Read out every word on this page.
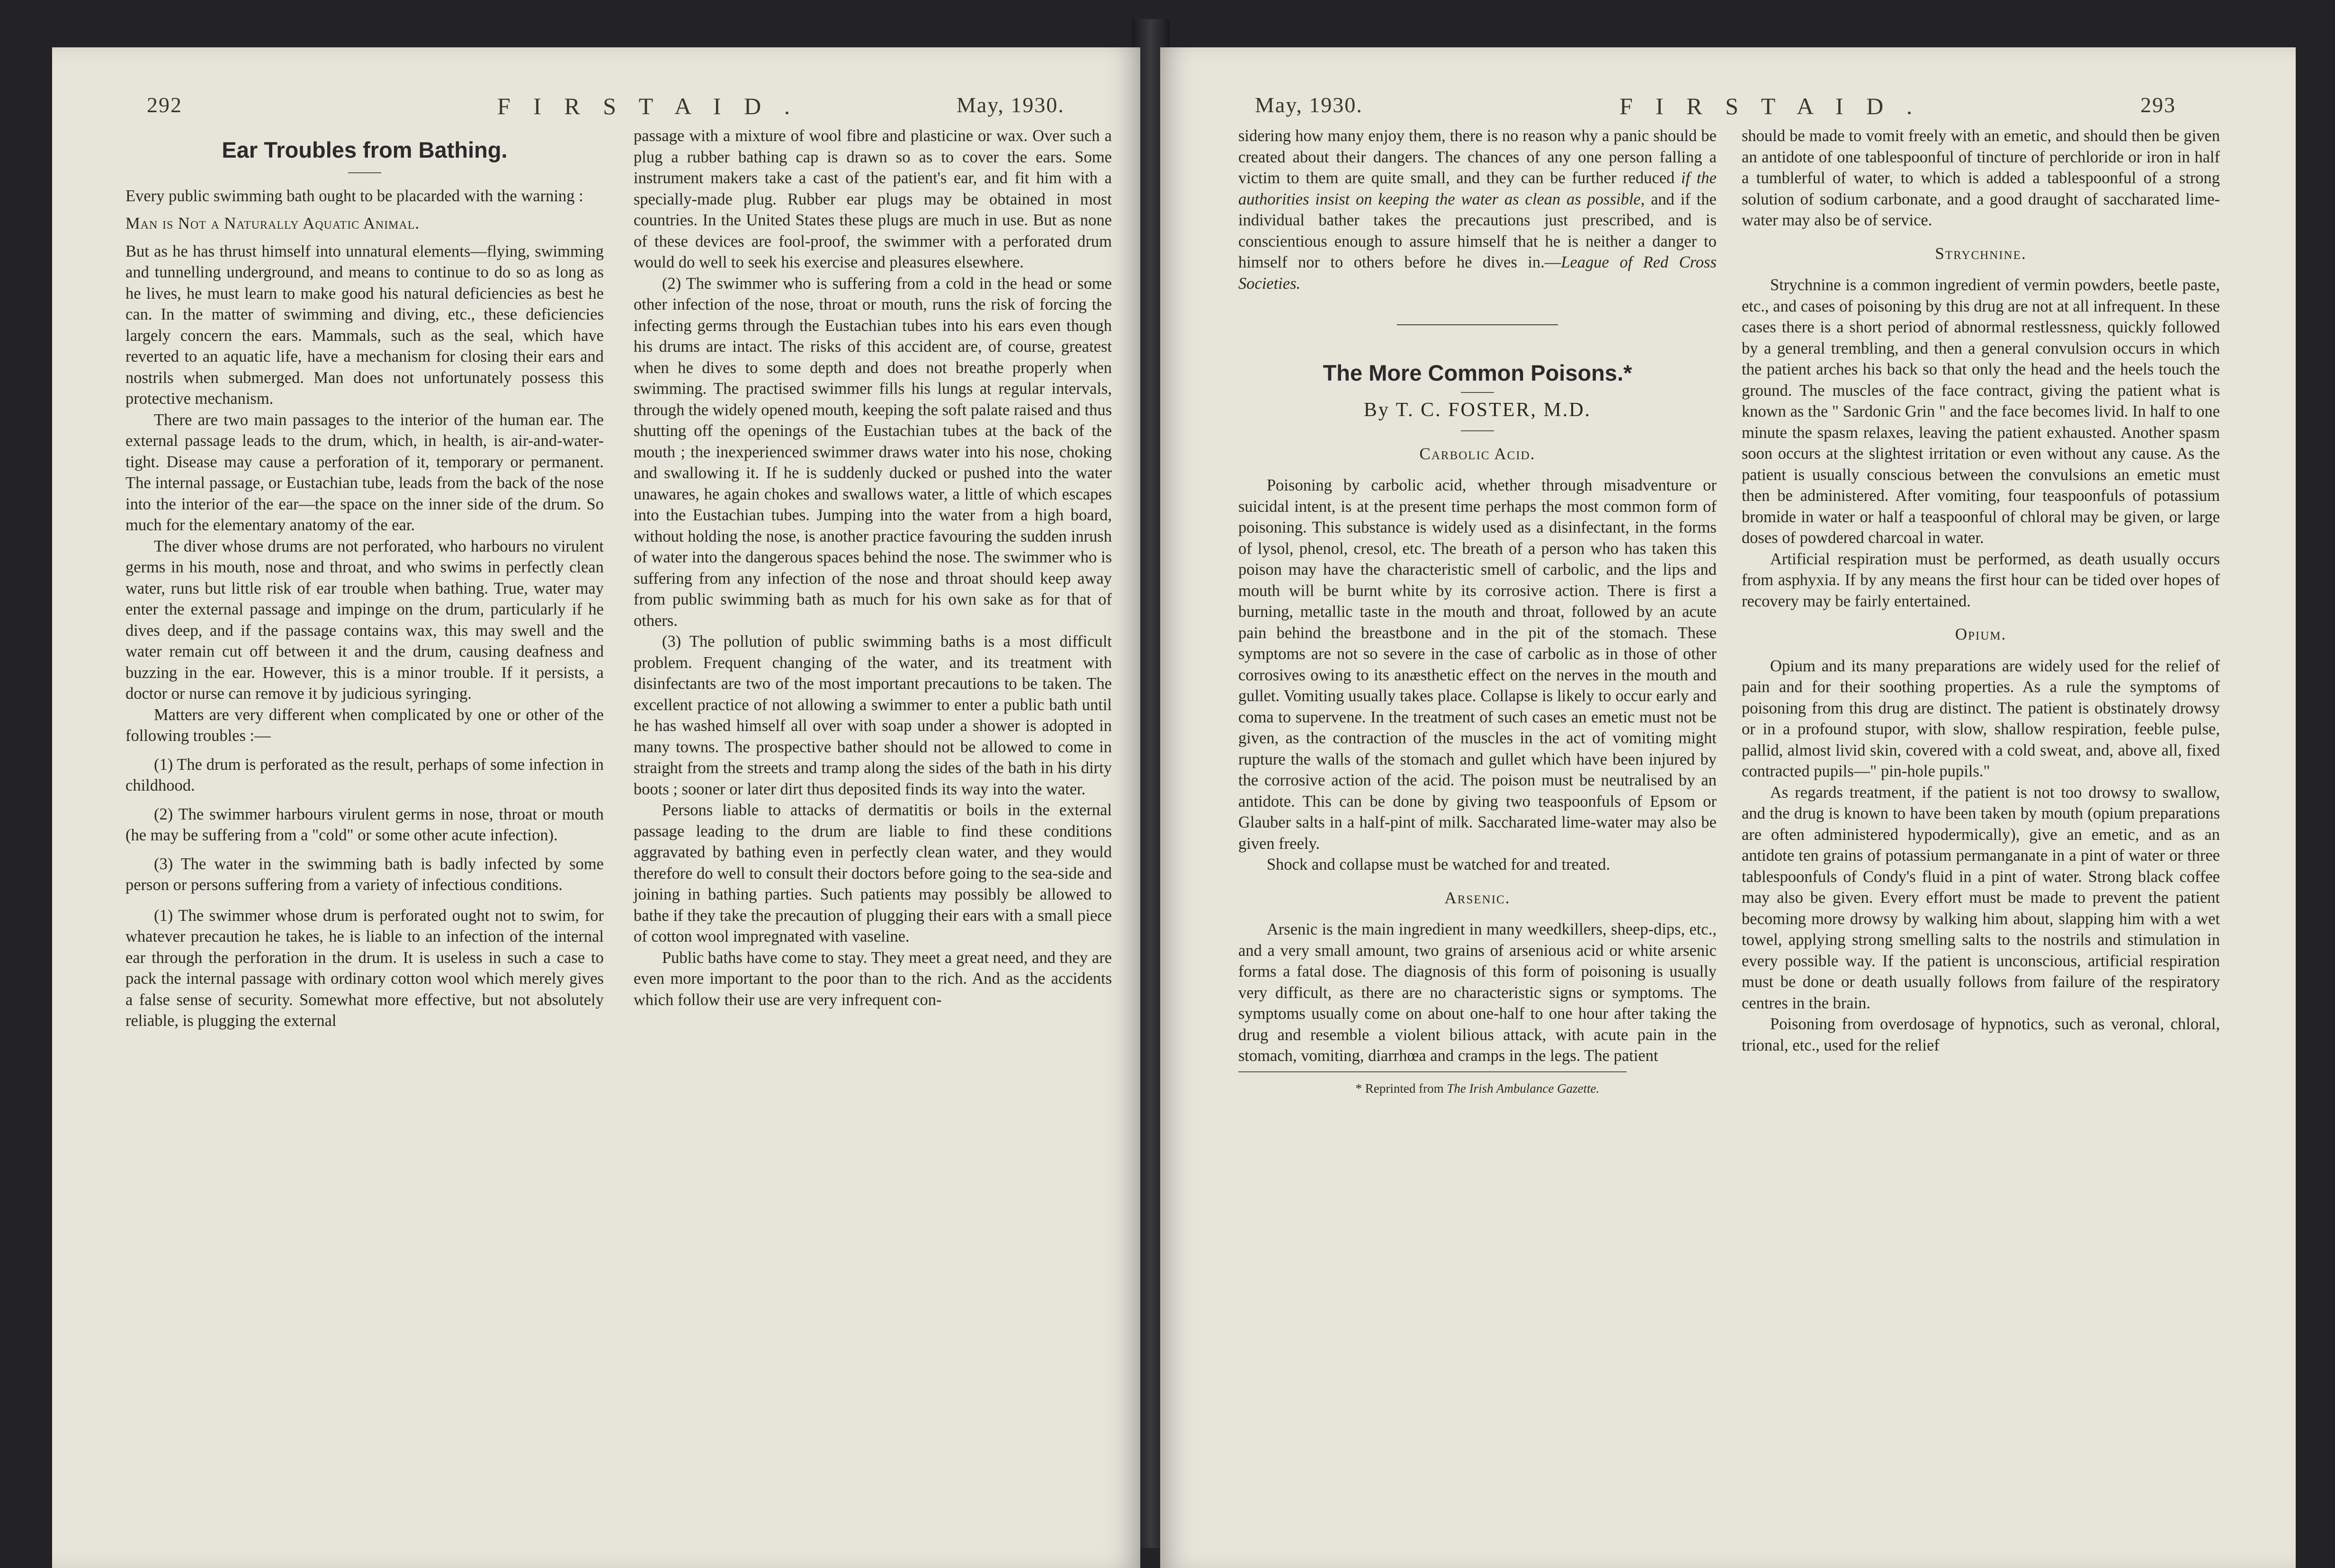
292	F I R S T A I D .	May, 1930.
Ear Troubles from Bathing.

Every public swimming bath ought to be placarded with the warning :

Man is Not a Naturally Aquatic Animal.

But as he has thrust himself into unnatural elements—flying, swimming and tunnelling underground, and means to continue to do so as long as he lives, he must learn to make good his natural deficiencies as best he can. In the matter of swimming and diving, etc., these deficiencies largely concern the ears. Mammals, such as the seal, which have reverted to an aquatic life, have a mechanism for closing their ears and nostrils when submerged. Man does not unfortunately possess this protective mechanism.

There are two main passages to the interior of the human ear. The external passage leads to the drum, which, in health, is air-and-water-tight. Disease may cause a perforation of it, temporary or permanent. The internal passage, or Eustachian tube, leads from the back of the nose into the interior of the ear—the space on the inner side of the drum. So much for the elementary anatomy of the ear.

The diver whose drums are not perforated, who harbours no virulent germs in his mouth, nose and throat, and who swims in perfectly clean water, runs but little risk of ear trouble when bathing. True, water may enter the external passage and impinge on the drum, particularly if he dives deep, and if the passage contains wax, this may swell and the water remain cut off between it and the drum, causing deafness and buzzing in the ear. However, this is a minor trouble. If it persists, a doctor or nurse can remove it by judicious syringing.

Matters are very different when complicated by one or other of the following troubles :—

(1) The drum is perforated as the result, perhaps of some infection in childhood.

(2) The swimmer harbours virulent germs in nose, throat or mouth (he may be suffering from a "cold" or some other acute infection).

(3) The water in the swimming bath is badly infected by some person or persons suffering from a variety of infectious conditions.

(1) The swimmer whose drum is perforated ought not to swim, for whatever precaution he takes, he is liable to an infection of the internal ear through the perforation in the drum. It is useless in such a case to pack the internal passage with ordinary cotton wool which merely gives a false sense of security. Somewhat more effective, but not absolutely reliable, is plugging the external

passage with a mixture of wool fibre and plasticine or wax. Over such a plug a rubber bathing cap is drawn so as to cover the ears. Some instrument makers take a cast of the patient's ear, and fit him with a specially-made plug. Rubber ear plugs may be obtained in most countries. In the United States these plugs are much in use. But as none of these devices are fool-proof, the swimmer with a perforated drum would do well to seek his exercise and pleasures elsewhere.

(2) The swimmer who is suffering from a cold in the head or some other infection of the nose, throat or mouth, runs the risk of forcing the infecting germs through the Eustachian tubes into his ears even though his drums are intact. The risks of this accident are, of course, greatest when he dives to some depth and does not breathe properly when swimming. The practised swimmer fills his lungs at regular intervals, through the widely opened mouth, keeping the soft palate raised and thus shutting off the openings of the Eustachian tubes at the back of the mouth ; the inexperienced swimmer draws water into his nose, choking and swallowing it. If he is suddenly ducked or pushed into the water unawares, he again chokes and swallows water, a little of which escapes into the Eustachian tubes. Jumping into the water from a high board, without holding the nose, is another practice favouring the sudden inrush of water into the dangerous spaces behind the nose. The swimmer who is suffering from any infection of the nose and throat should keep away from public swimming bath as much for his own sake as for that of others.

(3) The pollution of public swimming baths is a most difficult problem. Frequent changing of the water, and its treatment with disinfectants are two of the most important precautions to be taken. The excellent practice of not allowing a swimmer to enter a public bath until he has washed himself all over with soap under a shower is adopted in many towns. The prospective bather should not be allowed to come in straight from the streets and tramp along the sides of the bath in his dirty boots ; sooner or later dirt thus deposited finds its way into the water.

Persons liable to attacks of dermatitis or boils in the external passage leading to the drum are liable to find these conditions aggravated by bathing even in perfectly clean water, and they would therefore do well to consult their doctors before going to the sea-side and joining in bathing parties. Such patients may possibly be allowed to bathe if they take the precaution of plugging their ears with a small piece of cotton wool impregnated with vaseline.

Public baths have come to stay. They meet a great need, and they are even more important to the poor than to the rich. And as the accidents which follow their use are very infrequent con-

May, 1930.	F I R S T A I D .	293

sidering how many enjoy them, there is no reason why a panic should be created about their dangers. The chances of any one person falling a victim to them are quite small, and they can be further reduced if the authorities insist on keeping the water as clean as possible, and if the individual bather takes the precautions just prescribed, and is conscientious enough to assure himself that he is neither a danger to himself nor to others before he dives in.—League of Red Cross Societies.

The More Common Poisons.*
By T. C. FOSTER, M.D.
Carbolic Acid.

Poisoning by carbolic acid, whether through misadventure or suicidal intent, is at the present time perhaps the most common form of poisoning. This substance is widely used as a disinfectant, in the forms of lysol, phenol, cresol, etc. The breath of a person who has taken this poison may have the characteristic smell of carbolic, and the lips and mouth will be burnt white by its corrosive action. There is first a burning, metallic taste in the mouth and throat, followed by an acute pain behind the breastbone and in the pit of the stomach. These symptoms are not so severe in the case of carbolic as in those of other corrosives owing to its anæsthetic effect on the nerves in the mouth and gullet. Vomiting usually takes place. Collapse is likely to occur early and coma to supervene. In the treatment of such cases an emetic must not be given, as the contraction of the muscles in the act of vomiting might rupture the walls of the stomach and gullet which have been injured by the corrosive action of the acid. The poison must be neutralised by an antidote. This can be done by giving two teaspoonfuls of Epsom or Glauber salts in a half-pint of milk. Saccharated lime-water may also be given freely.

Shock and collapse must be watched for and treated.

Arsenic.

Arsenic is the main ingredient in many weedkillers, sheep-dips, etc., and a very small amount, two grains of arsenious acid or white arsenic forms a fatal dose. The diagnosis of this form of poisoning is usually very difficult, as there are no characteristic signs or symptoms. The symptoms usually come on about one-half to one hour after taking the drug and resemble a violent bilious attack, with acute pain in the stomach, vomiting, diarrhœa and cramps in the legs. The patient

* Reprinted from The Irish Ambulance Gazette.

should be made to vomit freely with an emetic, and should then be given an antidote of one tablespoonful of tincture of perchloride or iron in half a tumblerful of water, to which is added a tablespoonful of a strong solution of sodium carbonate, and a good draught of saccharated lime-water may also be of service.

Strychnine.

Strychnine is a common ingredient of vermin powders, beetle paste, etc., and cases of poisoning by this drug are not at all infrequent. In these cases there is a short period of abnormal restlessness, quickly followed by a general trembling, and then a general convulsion occurs in which the patient arches his back so that only the head and the heels touch the ground. The muscles of the face contract, giving the patient what is known as the " Sardonic Grin " and the face becomes livid. In half to one minute the spasm relaxes, leaving the patient exhausted. Another spasm soon occurs at the slightest irritation or even without any cause. As the patient is usually conscious between the convulsions an emetic must then be administered. After vomiting, four teaspoonfuls of potassium bromide in water or half a teaspoonful of chloral may be given, or large doses of powdered charcoal in water.

Artificial respiration must be performed, as death usually occurs from asphyxia. If by any means the first hour can be tided over hopes of recovery may be fairly entertained.

Opium.

Opium and its many preparations are widely used for the relief of pain and for their soothing properties. As a rule the symptoms of poisoning from this drug are distinct. The patient is obstinately drowsy or in a profound stupor, with slow, shallow respiration, feeble pulse, pallid, almost livid skin, covered with a cold sweat, and, above all, fixed contracted pupils—" pin-hole pupils."

As regards treatment, if the patient is not too drowsy to swallow, and the drug is known to have been taken by mouth (opium preparations are often administered hypodermically), give an emetic, and as an antidote ten grains of potassium permanganate in a pint of water or three tablespoonfuls of Condy's fluid in a pint of water. Strong black coffee may also be given. Every effort must be made to prevent the patient becoming more drowsy by walking him about, slapping him with a wet towel, applying strong smelling salts to the nostrils and stimulation in every possible way. If the patient is unconscious, artificial respiration must be done or death usually follows from failure of the respiratory centres in the brain.

Poisoning from overdosage of hypnotics, such as veronal, chloral, trional, etc., used for the relief
